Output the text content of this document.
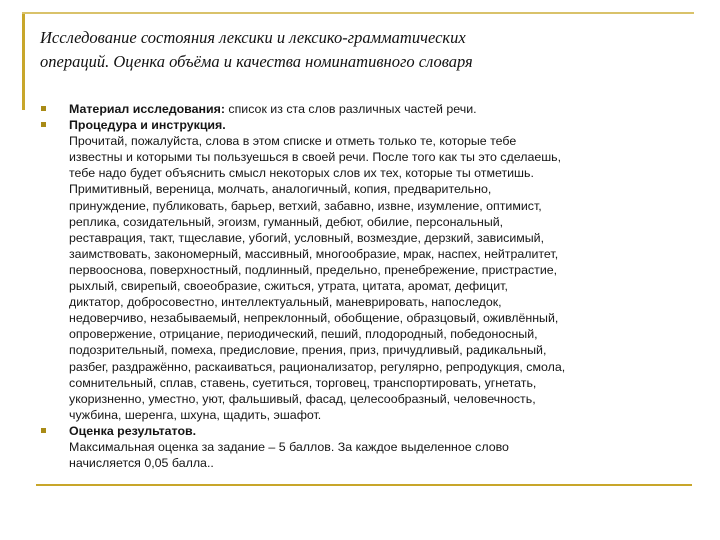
Исследование состояния лексики и лексико-грамматических
операций. Оценка объёма и качества номинативного словаря
Материал исследования: список из ста слов различных частей речи.
Процедура и инструкция.
Прочитай, пожалуйста, слова в этом списке и отметь только те, которые тебе
известны и которыми ты пользуешься в своей речи. После того как ты это сделаешь,
тебе надо будет объяснить смысл некоторых слов их тех, которые ты отметишь.
Примитивный, вереница, молчать, аналогичный, копия, предварительно,
принуждение, публиковать, барьер, ветхий, забавно, извне, изумление, оптимист,
реплика, созидательный, эгоизм, гуманный, дебют, обилие, персональный,
реставрация, такт, тщеславие, убогий, условный, возмездие, дерзкий, зависимый,
заимствовать, закономерный, массивный, многообразие, мрак, наспех, нейтралитет,
первооснова, поверхностный, подлинный, предельно, пренебрежение, пристрастие,
рыхлый, свирепый, своеобразие, сжиться, утрата, цитата, аромат, дефицит,
диктатор, добросовестно, интеллектуальный, маневрировать, напоследок,
недоверчиво, незабываемый, непреклонный, обобщение, образцовый, оживлённый,
опровержение, отрицание, периодический, пеший, плодородный, победоносный,
подозрительный, помеха, предисловие, прения, приз, причудливый, радикальный,
разбег, раздражённо, раскаиваться, рационализатор, регулярно, репродукция, смола,
сомнительный, сплав, ставень, суетиться, торговец, транспортировать, угнетать,
укоризненно, уместно, уют, фальшивый, фасад, целесообразный, человечность,
чужбина, шеренга, шхуна, щадить, эшафот.
Оценка результатов.
Максимальная оценка за задание – 5 баллов. За каждое выделенное слово
начисляется 0,05 балла..
